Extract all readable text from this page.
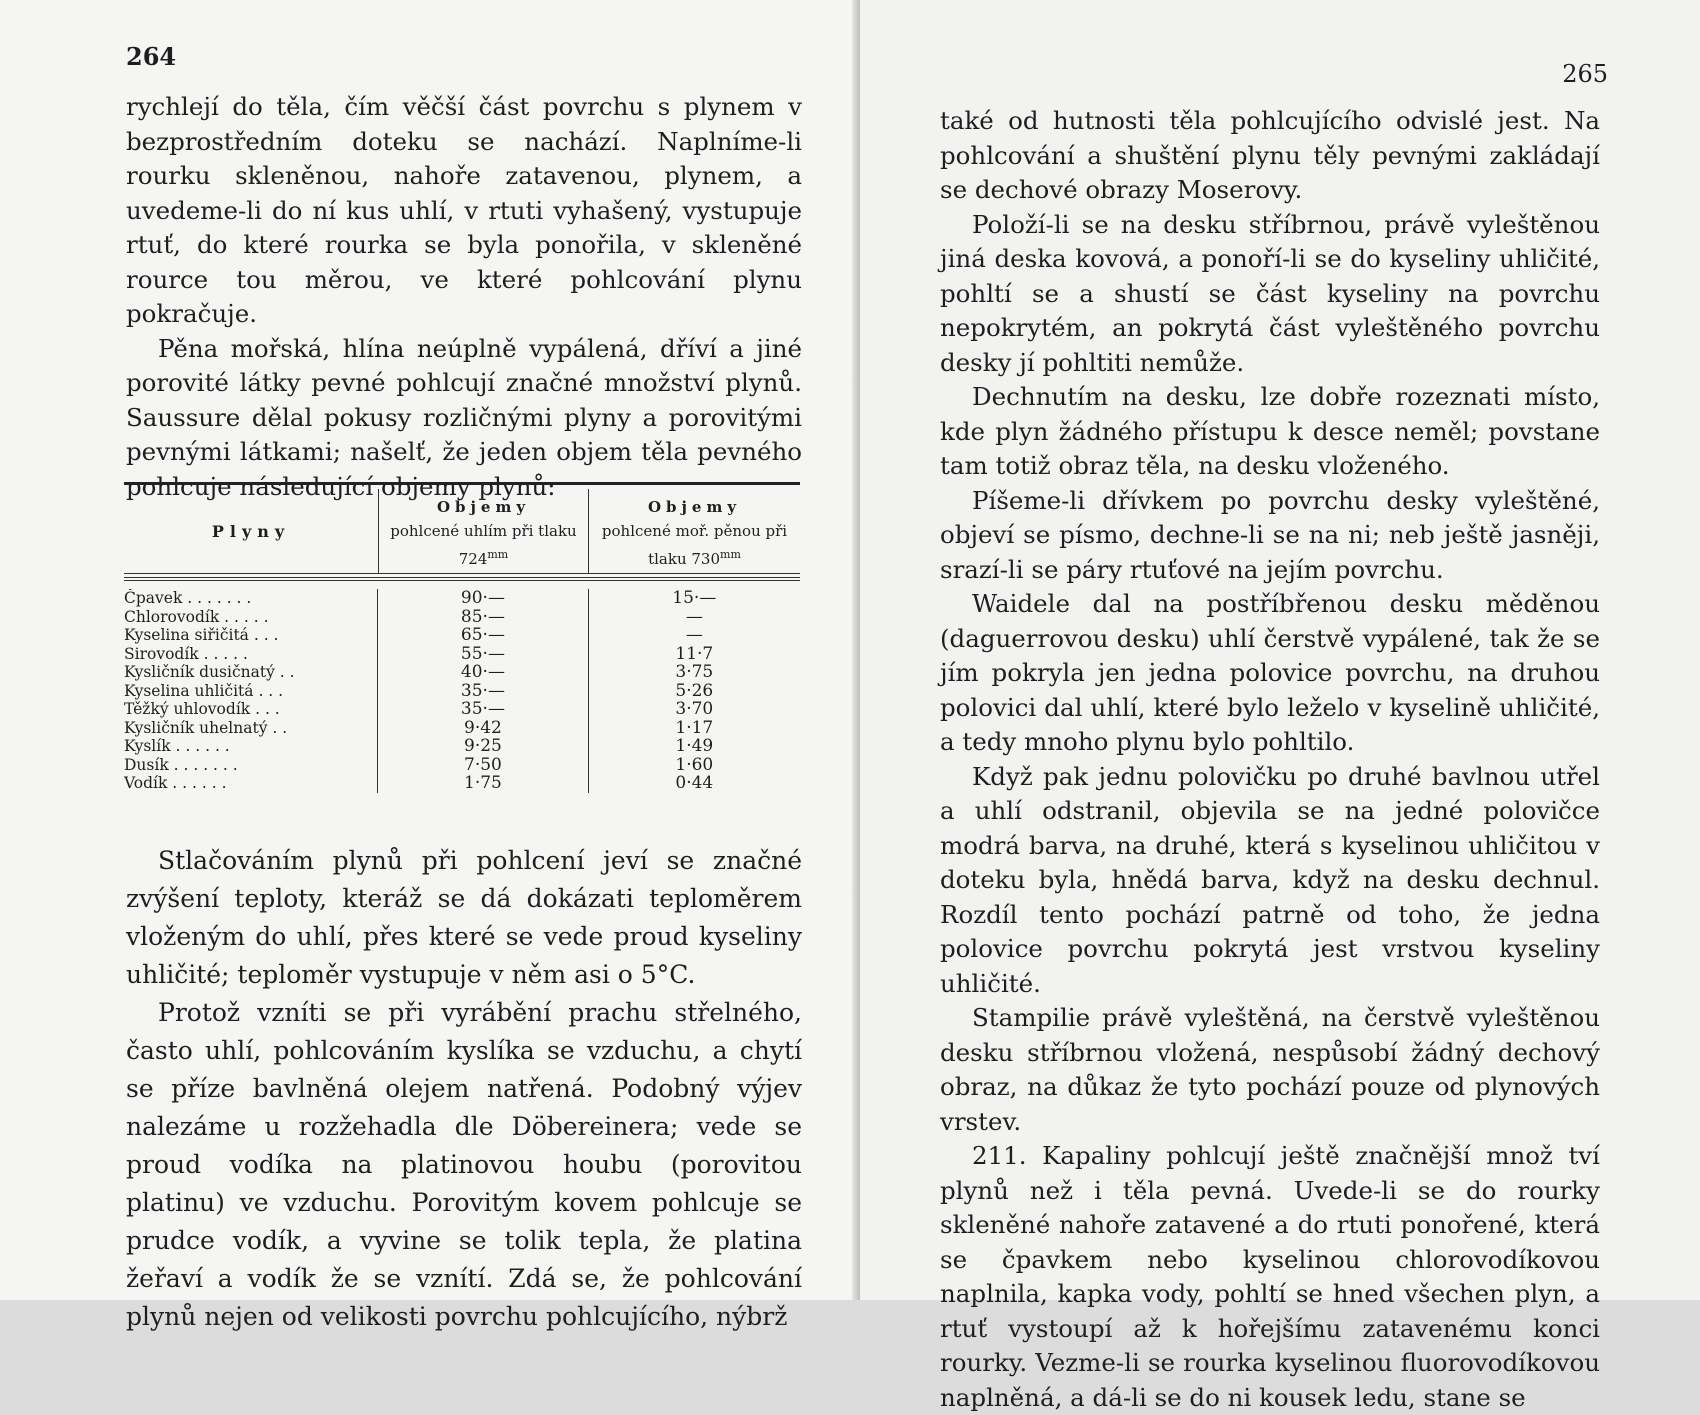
264

rychlejí do těla, čím věčší část povrchu s plynem v bezprostředním doteku se nachází. Naplníme-li rourku skleněnou, nahoře zatavenou, plynem, a uvedeme-li do ní kus uhlí, v rtuti vyhašený, vystupuje rtuť, do které rourka se byla ponořila, v skleněné rource tou měrou, ve které pohlcování plynu pokračuje.

Pěna mořská, hlína neúplně vypálená, dříví a jiné porovité látky pevné pohlcují značné množství plynů. Saussure dělal pokusy rozličnými plyny a porovitými pevnými látkami; našelť, že jeden objem těla pevného pohlcuje následující objemy plynů:

Plyny
Objemy
pohlcené uhlím při tlaku $724^{mm}$
Objemy
pohlcené moř. pěnou při tlaku $730^{mm}$
Čpavek . . . . . . .
Chlorovodík . . . . .
Kyselina siřičitá . . .
Sirovodík . . . . .
Kysličník dusičnatý . .
Kyselina uhličitá . . .
Těžký uhlovodík . . .
Kysličník uhelnatý . .
Kyslík . . . . . .
Dusík . . . . . . .
Vodík . . . . . .
90·—
85·—
65·—
55·—
40·—
35·—
35·—
9·42
9·25
7·50
1·75
15·—
—
—
11·7
3·75
5·26
3·70
1·17
1·49
1·60
0·44

Stlačováním plynů při pohlcení jeví se značné zvýšení teploty, kteráž se dá dokázati teploměrem vloženým do uhlí, přes které se vede proud kyseliny uhličité; teploměr vystupuje v něm asi o 5°C.

Protož vzníti se při vyrábění prachu střelného, často uhlí, pohlcováním kyslíka se vzduchu, a chytí se příze bavlněná olejem natřená. Podobný výjev nalezáme u rozžehadla dle Döbereinera; vede se proud vodíka na platinovou houbu (porovitou platinu) ve vzduchu. Porovitým kovem pohlcuje se prudce vodík, a vyvine se tolik tepla, že platina žeřaví a vodík že se vznítí. Zdá se, že pohlcování plynů nejen od velikosti povrchu pohlcujícího, nýbrž

265

také od hutnosti těla pohlcujícího odvislé jest. Na pohlcování a shuštění plynu těly pevnými zakládají se dechové obrazy Moserovy.

Položí-li se na desku stříbrnou, právě vyleštěnou jiná deska kovová, a ponoří-li se do kyseliny uhličité, pohltí se a shustí se část kyseliny na povrchu nepokrytém, an pokrytá část vyleštěného povrchu desky jí pohltiti nemůže.

Dechnutím na desku, lze dobře rozeznati místo, kde plyn žádného přístupu k desce neměl; povstane tam totiž obraz těla, na desku vloženého.

Píšeme-li dřívkem po povrchu desky vyleštěné, objeví se písmo, dechne-li se na ni; neb ještě jasněji, srazí-li se páry rtuťové na jejím povrchu.

Waidele dal na postříbřenou desku měděnou (daguerrovou desku) uhlí čerstvě vypálené, tak že se jím pokryla jen jedna polovice povrchu, na druhou polovici dal uhlí, které bylo leželo v kyselině uhličité, a tedy mnoho plynu bylo pohltilo.

Když pak jednu polovičku po druhé bavlnou utřel a uhlí odstranil, objevila se na jedné polovičce modrá barva, na druhé, která s kyselinou uhličitou v doteku byla, hnědá barva, když na desku dechnul. Rozdíl tento pochází patrně od toho, že jedna polovice povrchu pokrytá jest vrstvou kyseliny uhličité.

Stampilie právě vyleštěná, na čerstvě vyleštěnou desku stříbrnou vložená, nespůsobí žádný dechový obraz, na důkaz že tyto pochází pouze od plynových vrstev.

211. Kapaliny pohlcují ještě značnější množ tví plynů než i těla pevná. Uvede-li se do rourky skleněné nahoře zatavené a do rtuti ponořené, která se čpavkem nebo kyselinou chlorovodíkovou naplnila, kapka vody, pohltí se hned všechen plyn, a rtuť vystoupí až k hořejšímu zatavenému konci rourky. Vezme-li se rourka kyselinou fluorovodíkovou naplněná, a dá-li se do ni kousek ledu, stane se
